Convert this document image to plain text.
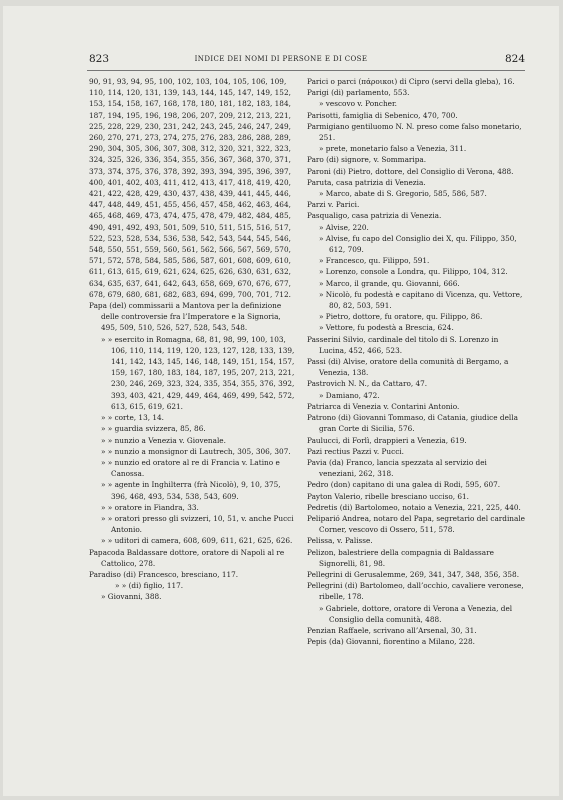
823	INDICE DEI NOMI DI PERSONE E DI COSE	824
90, 91, 93, 94, 95, 100, 102, 103, 104, 105, 106, 109, 110, 114, 120, 131, 139, 143, 144, 145, 147, 149, 152, 153, 154, 158, 167, 168, 178, 180, 181, 182, 183, 184, 187, 194, 195, 196, 198, 206, 207, 209, 212, 213, 221, 225, 228, 229, 230, 231, 242, 243, 245, 246, 247, 249, 260, 270, 271, 273, 274, 275, 276, 283, 286, 288, 289, 290, 304, 305, 306, 307, 308, 312, 320, 321, 322, 323, 324, 325, 326, 336, 354, 355, 356, 367, 368, 370, 371, 373, 374, 375, 376, 378, 392, 393, 394, 395, 396, 397, 400, 401, 402, 403, 411, 412, 413, 417, 418, 419, 420, 421, 422, 428, 429, 430, 437, 438, 439, 441, 445, 446, 447, 448, 449, 451, 455, 456, 457, 458, 462, 463, 464, 465, 468, 469, 473, 474, 475, 478, 479, 482, 484, 485, 490, 491, 492, 493, 501, 509, 510, 511, 515, 516, 517, 522, 523, 528, 534, 536, 538, 542, 543, 544, 545, 546, 548, 550, 551, 559, 560, 561, 562, 566, 567, 569, 570, 571, 572, 578, 584, 585, 586, 587, 601, 608, 609, 610, 611, 613, 615, 619, 621, 624, 625, 626, 630, 631, 632, 634, 635, 637, 641, 642, 643, 658, 669, 670, 676, 677, 678, 679, 680, 681, 682, 683, 694, 699, 700, 701, 712.
Papa (del) commissarii a Mantova per la definizione delle controversie fra l’Imperatore e la Signoria, 495, 509, 510, 526, 527, 528, 543, 548.
» » esercito in Romagna, 68, 81, 98, 99, 100, 103, 106, 110, 114, 119, 120, 123, 127, 128, 133, 139, 141, 142, 143, 145, 146, 148, 149, 151, 154, 157, 159, 167, 180, 183, 184, 187, 195, 207, 213, 221, 230, 246, 269, 323, 324, 335, 354, 355, 376, 392, 393, 403, 421, 429, 449, 464, 469, 499, 542, 572, 613, 615, 619, 621.
» » corte, 13, 14.
» » guardia svizzera, 85, 86.
» » nunzio a Venezia v. Giovenale.
» » nunzio a monsignor di Lautrech, 305, 306, 307.
» » nunzio ed oratore al re di Francia v. Latino e Canossa.
» » agente in Inghilterra (frà Nicolò), 9, 10, 375, 396, 468, 493, 534, 538, 543, 609.
» » oratore in Fiandra, 33.
» » oratori presso gli svizzeri, 10, 51, v. anche Pucci Antonio.
» » uditori di camera, 608, 609, 611, 621, 625, 626.
Papacoda Baldassare dottore, oratore di Napoli al re Cattolico, 278.
Paradiso (di) Francesco, bresciano, 117.
» » (di) figlio, 117.
» Giovanni, 388.
Parici o parci (πάροικοι) di Cipro (servi della gleba), 16.
Parigi (di) parlamento, 553.
» vescovo v. Poncher.
Parisotti, famiglia di Sebenico, 470, 700.
Parmigiano gentiluomo N. N. preso come falso monetario, 251.
» prete, monetario falso a Venezia, 311.
Paro (di) signore, v. Sommaripa.
Paroni (di) Pietro, dottore, del Consiglio di Verona, 488.
Paruta, casa patrizia di Venezia.
» Marco, abate di S. Gregorio, 585, 586, 587.
Parzi v. Parici.
Pasqualigo, casa patrizia di Venezia.
» Alvise, 220.
» Alvise, fu capo del Consiglio dei X, qu. Filippo, 350, 612, 709.
» Francesco, qu. Filippo, 591.
» Lorenzo, console a Londra, qu. Filippo, 104, 312.
» Marco, il grande, qu. Giovanni, 666.
» Nicolò, fu podestà e capitano di Vicenza, qu. Vettore, 80, 82, 503, 591.
» Pietro, dottore, fu oratore, qu. Filippo, 86.
» Vettore, fu podestà a Brescia, 624.
Passerini Silvio, cardinale del titolo di S. Lorenzo in Lucina, 452, 466, 523.
Passi (di) Alvise, oratore della comunità di Bergamo, a Venezia, 138.
Pastrovich N. N., da Cattaro, 47.
» Damiano, 472.
Patriarca di Venezia v. Contarini Antonio.
Patrono (di) Giovanni Tommaso, di Catania, giudice della gran Corte di Sicilia, 576.
Paulucci, di Forlì, drappieri a Venezia, 619.
Pazi rectius Pazzi v. Pucci.
Pavia (da) Franco, lancia spezzata al servizio dei veneziani, 262, 318.
Pedro (don) capitano di una galea di Rodi, 595, 607.
Payton Valerio, ribelle bresciano ucciso, 61.
Pedretis (di) Bartolomeo, notaio a Venezia, 221, 225, 440.
Peliparió Andrea, notaro del Papa, segretario del cardinale Corner, vescovo di Ossero, 511, 578.
Pelissa, v. Palisse.
Pelizon, balestriere della compagnia di Baldassare Signorelli, 81, 98.
Pellegrini di Gerusalemme, 269, 341, 347, 348, 356, 358.
Pellegrini (di) Bartolomeo, dall’occhio, cavaliere veronese, ribelle, 178.
» Gabriele, dottore, oratore di Verona a Venezia, del Consiglio della comunità, 488.
Penzian Raffaele, scrivano all’Arsenal, 30, 31.
Pepis (da) Giovanni, fiorentino a Milano, 228.
